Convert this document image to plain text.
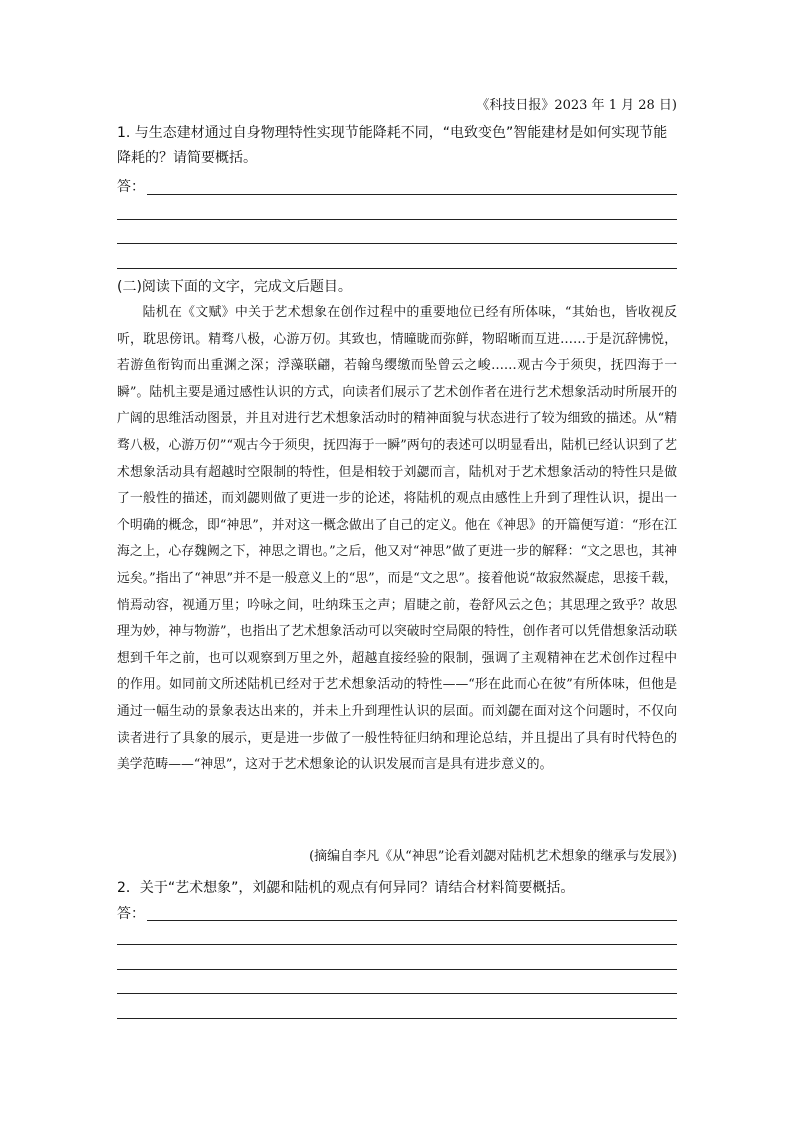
《科技日报》2023 年 1 月 28 日)
1. 与生态建材通过自身物理特性实现节能降耗不同，“电致变色”智能建材是如何实现节能降耗的？请简要概括。
答：
(二)阅读下面的文字，完成文后题目。

陆机在《文赋》中关于艺术想象在创作过程中的重要地位已经有所体味，“其始也，皆收视反听，耽思傍讯。精骛八极，心游万仞。其致也，情曈昽而弥鲜，物昭晰而互进……于是沉辞怫悦，若游鱼衔钩而出重渊之深；浮藻联翩，若翰鸟缨缴而坠曾云之峻……观古今于须臾，抚四海于一瞬”。陆机主要是通过感性认识的方式，向读者们展示了艺术创作者在进行艺术想象活动时所展开的广阔的思维活动图景，并且对进行艺术想象活动时的精神面貌与状态进行了较为细致的描述。从“精骛八极，心游万仞”“观古今于须臾，抚四海于一瞬”两句的表述可以明显看出，陆机已经认识到了艺术想象活动具有超越时空限制的特性，但是相较于刘勰而言，陆机对于艺术想象活动的特性只是做了一般性的描述，而刘勰则做了更进一步的论述，将陆机的观点由感性上升到了理性认识，提出一个明确的概念，即“神思”，并对这一概念做出了自己的定义。他在《神思》的开篇便写道：“形在江海之上，心存魏阙之下，神思之谓也。”之后，他又对“神思”做了更进一步的解释：“文之思也，其神远矣。”指出了“神思”并不是一般意义上的“思”，而是“文之思”。接着他说“故寂然凝虑，思接千载，悄焉动容，视通万里；吟咏之间，吐纳珠玉之声；眉睫之前，卷舒风云之色；其思理之致乎？故思理为妙，神与物游”，也指出了艺术想象活动可以突破时空局限的特性，创作者可以凭借想象活动联想到千年之前，也可以观察到万里之外，超越直接经验的限制，强调了主观精神在艺术创作过程中的作用。如同前文所述陆机已经对于艺术想象活动的特性——“形在此而心在彼”有所体味，但他是通过一幅生动的景象表达出来的，并未上升到理性认识的层面。而刘勰在面对这个问题时，不仅向读者进行了具象的展示，更是进一步做了一般性特征归纳和理论总结，并且提出了具有时代特色的美学范畴——“神思”，这对于艺术想象论的认识发展而言是具有进步意义的。

(摘编自李凡《从“神思”论看刘勰对陆机艺术想象的继承与发展》)
2．关于“艺术想象”，刘勰和陆机的观点有何异同？请结合材料简要概括。
答：
